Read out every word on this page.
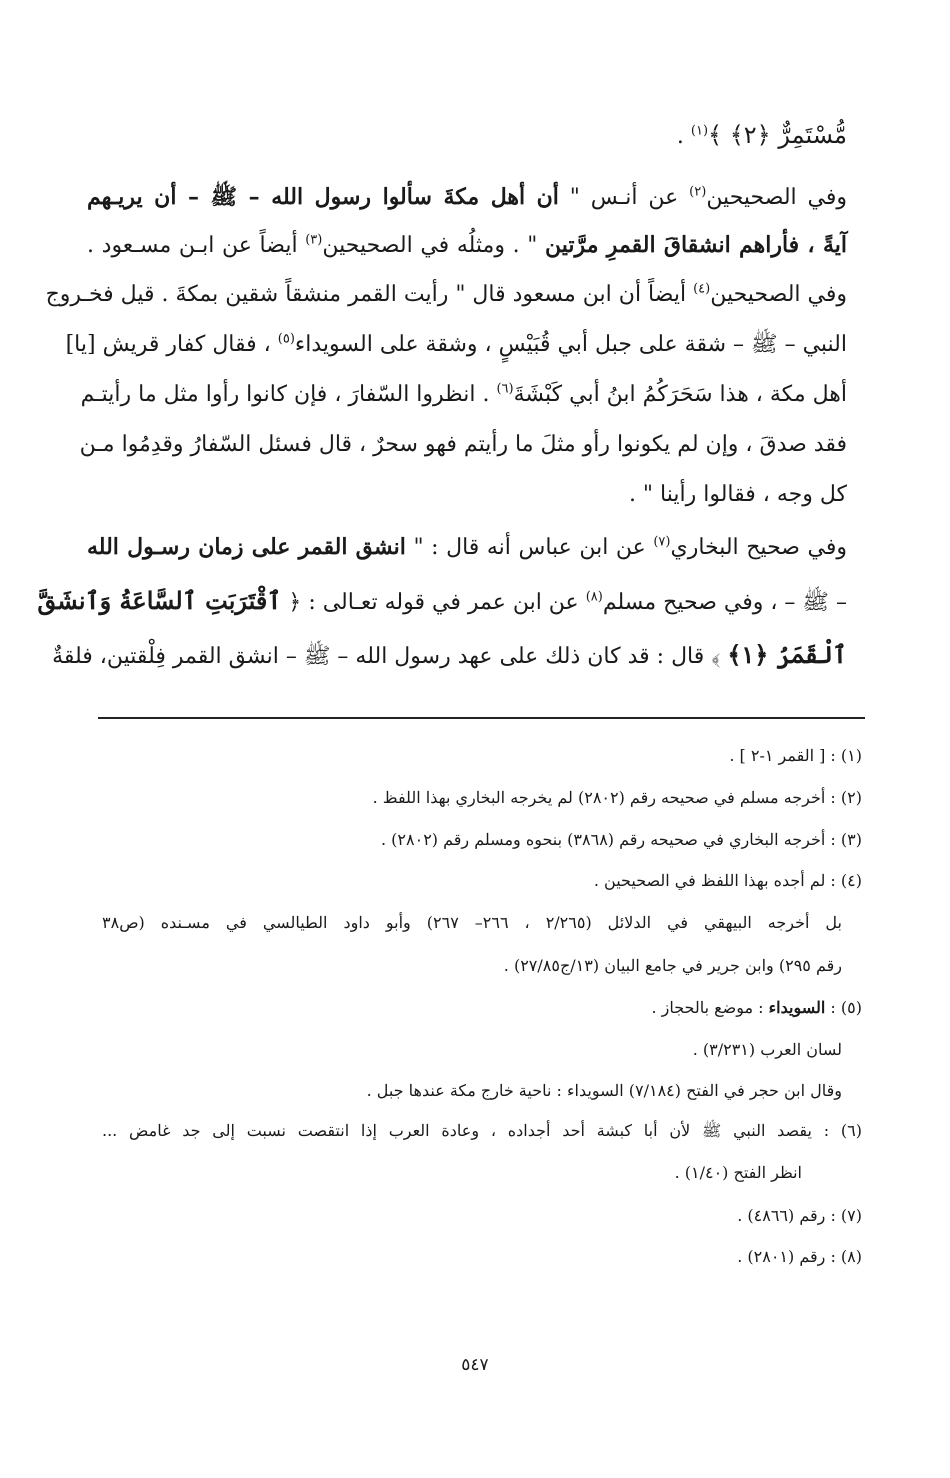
مُّسْتَمِرٌّ ﴿٢﴾ ﴾$^{(١)}$ .
وفي الصحيحين$^{(٢)}$ عن أنـس " أن أهل مكةَ سألوا رسول الله – ﷺ – أن يريـهم
آيةً ، فأراهم انشقاقَ القمرِ مرَّتين " . ومثلُه في الصحيحين$^{(٣)}$ أيضاً عن ابـن مسـعود .
وفي الصحيحين$^{(٤)}$ أيضاً أن ابن مسعود قال " رأيت القمر منشقاً شقين بمكةَ . قيل فخـروج
النبي – ﷺ – شقة على جبل أبي قُبَيْسٍ ، وشقة على السويداء$^{(٥)}$ ، فقال كفار قريش [يا]
أهل مكة ، هذا سَحَرَكُمُ ابنُ أبي كَبْشَةَ$^{(٦)}$ . انظروا السّفارَ ، فإن كانوا رأوا مثل ما رأيتـم
فقد صدقَ ، وإن لم يكونوا رأو مثلَ ما رأيتم فهو سحرٌ ، قال فسئل السّفارُ وقدِمُوا مـن
كل وجه ، فقالوا رأينا " .
وفي صحيح البخاري$^{(٧)}$ عن ابن عباس أنه قال : " انشق القمر على زمان رسـول الله
– ﷺ – ، وفي صحيح مسلم$^{(٨)}$ عن ابن عمر في قوله تعـالى : ﴿ ٱقْتَرَبَتِ ٱلسَّاعَةُ وَٱنشَقَّ
ٱلْقَمَرُ ﴿١﴾ ﴾ قال : قد كان ذلك على عهد رسول الله – ﷺ – انشق القمر فِلْقتين، فلقةٌ
(١) : [ القمر ١-٢ ] .
(٢) : أخرجه مسلم في صحيحه رقم (٢٨٠٢) لم يخرجه البخاري بهذا اللفظ .
(٣) : أخرجه البخاري في صحيحه رقم (٣٨٦٨) بنحوه ومسلم رقم (٢٨٠٢) .
(٤) : لم أجده بهذا اللفظ في الصحيحين .
بل أخرجه البيهقي في الدلائل (٢/٢٦٥ ، ٢٦٦– ٢٦٧) وأبو داود الطيالسي في مسـنده (ص٣٨
رقم ٢٩٥) وابن جرير في جامع البيان (١٣/ج٢٧/٨٥) .
(٥) : السويداء : موضع بالحجاز .
لسان العرب (٣/٢٣١) .
وقال ابن حجر في الفتح (٧/١٨٤) السويداء : ناحية خارج مكة عندها جبل .
(٦) : يقصد النبي ﷺ لأن أبا كبشة أحد أجداده ، وعادة العرب إذا انتقصت نسبت إلى جد غامض ...
انظر الفتح (١/٤٠) .
(٧) : رقم (٤٨٦٦) .
(٨) : رقم (٢٨٠١) .
٥٤٧
